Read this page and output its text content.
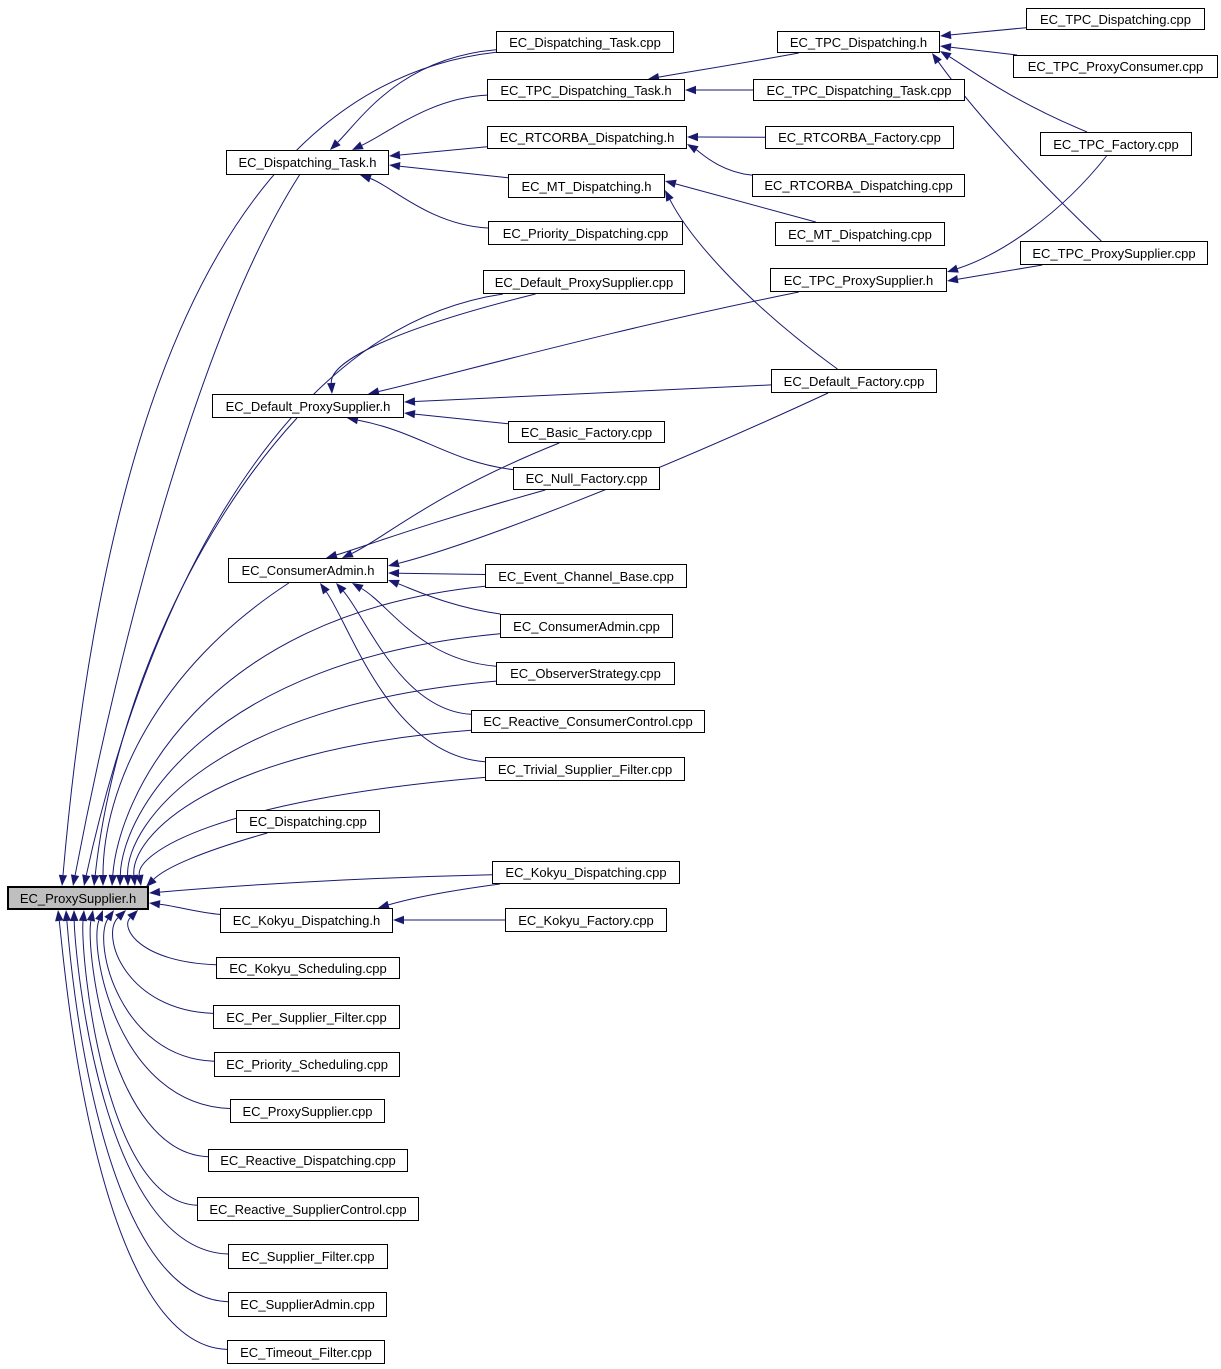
EC_TPC_Dispatching.cpp
EC_TPC_ProxyConsumer.cpp
EC_Dispatching_Task.cpp	EC_TPC_Dispatching.h
EC_TPC_Dispatching_Task.h	EC_TPC_Dispatching_Task.cpp
EC_RTCORBA_Dispatching.h	EC_RTCORBA_Factory.cpp	EC_TPC_Factory.cpp
EC_Dispatching_Task.h
EC_MT_Dispatching.h	EC_RTCORBA_Dispatching.cpp
EC_Priority_Dispatching.cpp	EC_MT_Dispatching.cpp
EC_TPC_ProxySupplier.cpp
EC_Default_ProxySupplier.cpp	EC_TPC_ProxySupplier.h
EC_Default_Factory.cpp
EC_Default_ProxySupplier.h
EC_Basic_Factory.cpp
EC_Null_Factory.cpp
EC_ConsumerAdmin.h	EC_Event_Channel_Base.cpp
EC_ConsumerAdmin.cpp
EC_ObserverStrategy.cpp
EC_Reactive_ConsumerControl.cpp
EC_Trivial_Supplier_Filter.cpp
EC_Dispatching.cpp
EC_Kokyu_Dispatching.cpp
EC_ProxySupplier.h
EC_Kokyu_Dispatching.h	EC_Kokyu_Factory.cpp
EC_Kokyu_Scheduling.cpp
EC_Per_Supplier_Filter.cpp
EC_Priority_Scheduling.cpp
EC_ProxySupplier.cpp
EC_Reactive_Dispatching.cpp
EC_Reactive_SupplierControl.cpp
EC_Supplier_Filter.cpp
EC_SupplierAdmin.cpp
EC_Timeout_Filter.cpp
